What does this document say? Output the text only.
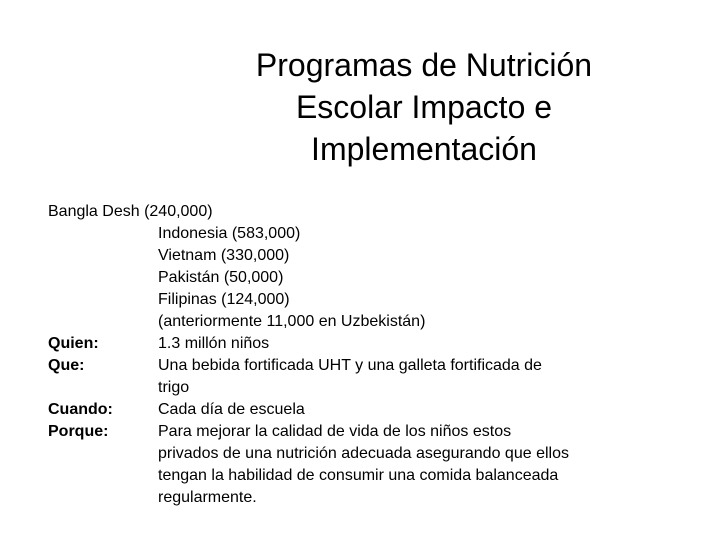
Programas de Nutrición
Escolar Impacto e
Implementación
Bangla Desh (240,000)
Indonesia (583,000)
Vietnam (330,000)
Pakistán (50,000)
Filipinas (124,000)
(anteriormente 11,000 en Uzbekistán)
Quien:	1.3 millón niños
Que:	Una bebida fortificada UHT y una galleta fortificada de
trigo
Cuando:	Cada día de escuela
Porque:	Para mejorar la calidad de vida de los niños estos
privados de una nutrición adecuada asegurando que ellos
tengan la habilidad de consumir una comida balanceada
regularmente.
